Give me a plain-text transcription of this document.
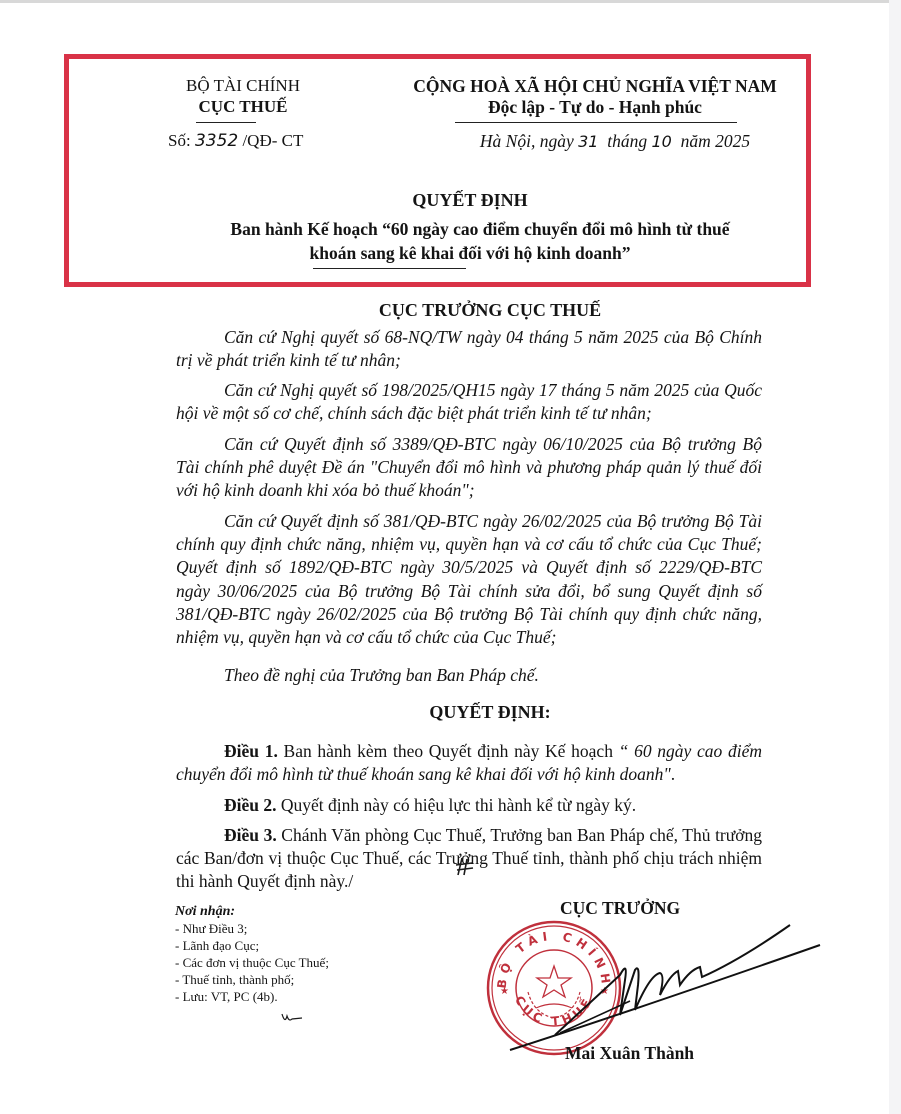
BỘ TÀI CHÍNH
CỤC THUẾ
Số: 3352 /QĐ- CT
CỘNG HOÀ XÃ HỘI CHỦ NGHĨA VIỆT NAM
Độc lập - Tự do - Hạnh phúc
Hà Nội, ngày 31  tháng 10  năm 2025
QUYẾT ĐỊNH
Ban hành Kế hoạch “60 ngày cao điểm chuyển đổi mô hình từ thuế
khoán sang kê khai đối với hộ kinh doanh”
CỤC TRƯỞNG CỤC THUẾ
Căn cứ Nghị quyết số 68-NQ/TW ngày 04 tháng 5 năm 2025 của Bộ Chính trị về phát triển kinh tế tư nhân;
Căn cứ Nghị quyết số 198/2025/QH15 ngày 17 tháng 5 năm 2025 của Quốc hội về một số cơ chế, chính sách đặc biệt phát triển kinh tế tư nhân;
Căn cứ Quyết định số 3389/QĐ-BTC ngày 06/10/2025 của Bộ trưởng Bộ Tài chính phê duyệt Đề án "Chuyển đổi mô hình và phương pháp quản lý thuế đối với hộ kinh doanh khi xóa bỏ thuế khoán";
Căn cứ Quyết định số 381/QĐ-BTC ngày 26/02/2025 của Bộ trưởng Bộ Tài chính quy định chức năng, nhiệm vụ, quyền hạn và cơ cấu tổ chức của Cục Thuế; Quyết định số 1892/QĐ-BTC ngày 30/5/2025 và Quyết định số 2229/QĐ-BTC ngày 30/06/2025 của Bộ trưởng Bộ Tài chính sửa đổi, bổ sung Quyết định số 381/QĐ-BTC ngày 26/02/2025 của Bộ trưởng Bộ Tài chính quy định chức năng, nhiệm vụ, quyền hạn và cơ cấu tổ chức của Cục Thuế;
Theo đề nghị của Trưởng ban Ban Pháp chế.
QUYẾT ĐỊNH:
Điều 1. Ban hành kèm theo Quyết định này Kế hoạch “ 60 ngày cao điểm chuyển đổi mô hình từ thuế khoán sang kê khai đối với hộ kinh doanh".
Điều 2. Quyết định này có hiệu lực thi hành kể từ ngày ký.
Điều 3. Chánh Văn phòng Cục Thuế, Trưởng ban Ban Pháp chế, Thủ trưởng các Ban/đơn vị thuộc Cục Thuế, các Trưởng Thuế tỉnh, thành phố chịu trách nhiệm thi hành Quyết định này./
Nơi nhận:
- Như Điều 3;
- Lãnh đạo Cục;
- Các đơn vị thuộc Cục Thuế;
- Thuế tỉnh, thành phố;
- Lưu: VT, PC (4b).
CỤC TRƯỞNG
BỘ TÀI CHÍNH
CỤC THUẾ
★	★
Mai Xuân Thành
